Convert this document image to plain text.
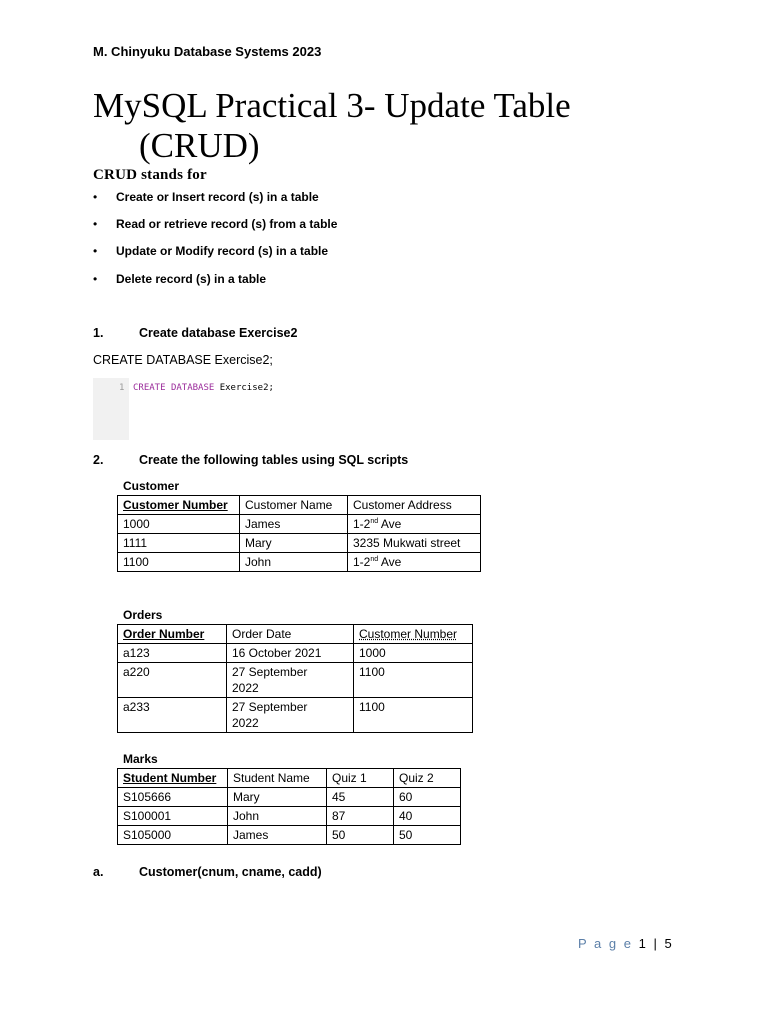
M. Chinyuku Database Systems 2023
MySQL Practical 3- Update Table (CRUD)
CRUD stands for
• Create or Insert record (s) in a table
• Read or retrieve record (s) from a table
• Update or Modify record (s) in a table
• Delete record (s) in a table
1.	Create database Exercise2
CREATE DATABASE Exercise2;
1 CREATE DATABASE Exercise2;
2.	Create the following tables using SQL scripts
Customer
Customer Number	Customer Name	Customer Address
1000	James	1-2nd Ave
1111	Mary	3235 Mukwati street
1100	John	1-2nd Ave
Orders
Order Number	Order Date	Customer Number
a123	16 October 2021	1000
a220	27 September 2022	1100
a233	27 September 2022	1100
Marks
Student Number	Student Name	Quiz 1	Quiz 2
S105666	Mary	45	60
S100001	John	87	40
S105000	James	50	50
a.	Customer(cnum, cname, cadd)
P a g e 1 | 5
